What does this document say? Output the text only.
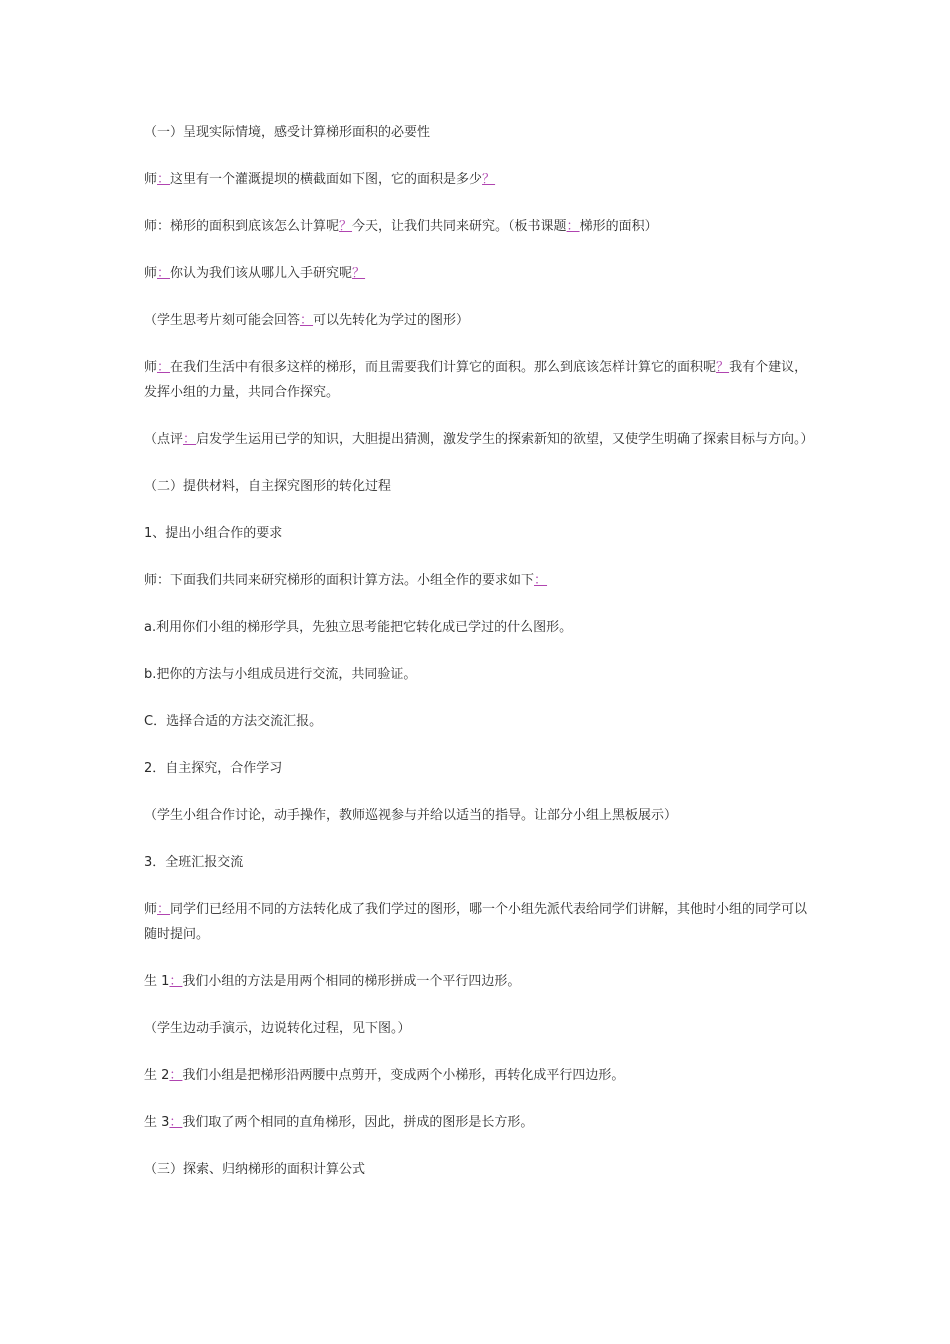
（一）呈现实际情境，感受计算梯形面积的必要性

师：这里有一个灌溉提坝的横截面如下图，它的面积是多少？

师：梯形的面积到底该怎么计算呢？今天，让我们共同来研究。（板书课题：梯形的面积）

师：你认为我们该从哪儿入手研究呢？

（学生思考片刻可能会回答：可以先转化为学过的图形）

师：在我们生活中有很多这样的梯形，而且需要我们计算它的面积。那么到底该怎样计算它的面积呢？我有个建议，发挥小组的力量，共同合作探究。

（点评：启发学生运用已学的知识，大胆提出猜测，激发学生的探索新知的欲望，又使学生明确了探索目标与方向。）

（二）提供材料，自主探究图形的转化过程

1、提出小组合作的要求

师：下面我们共同来研究梯形的面积计算方法。小组全作的要求如下：

a.利用你们小组的梯形学具，先独立思考能把它转化成已学过的什么图形。

b.把你的方法与小组成员进行交流，共同验证。

C．选择合适的方法交流汇报。

2．自主探究，合作学习

（学生小组合作讨论，动手操作，教师巡视参与并给以适当的指导。让部分小组上黑板展示）

3．全班汇报交流

师：同学们已经用不同的方法转化成了我们学过的图形，哪一个小组先派代表给同学们讲解，其他时小组的同学可以随时提问。

生 1：我们小组的方法是用两个相同的梯形拼成一个平行四边形。

（学生边动手演示，边说转化过程，见下图。）

生 2：我们小组是把梯形沿两腰中点剪开，变成两个小梯形，再转化成平行四边形。

生 3：我们取了两个相同的直角梯形，因此，拼成的图形是长方形。

（三）探索、归纳梯形的面积计算公式
